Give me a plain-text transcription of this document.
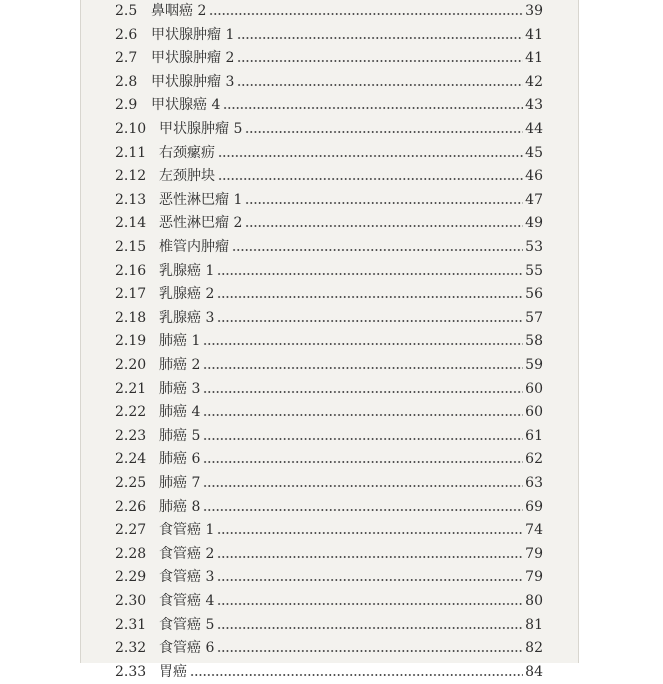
2.5 鼻咽癌 2	39
2.6 甲状腺肿瘤 1	41
2.7 甲状腺肿瘤 2	41
2.8 甲状腺肿瘤 3	42
2.9 甲状腺癌 4	43
2.10 甲状腺肿瘤 5	44
2.11 右颈瘰疬	45
2.12 左颈肿块	46
2.13 恶性淋巴瘤 1	47
2.14 恶性淋巴瘤 2	49
2.15 椎管内肿瘤	53
2.16 乳腺癌 1	55
2.17 乳腺癌 2	56
2.18 乳腺癌 3	57
2.19 肺癌 1	58
2.20 肺癌 2	59
2.21 肺癌 3	60
2.22 肺癌 4	60
2.23 肺癌 5	61
2.24 肺癌 6	62
2.25 肺癌 7	63
2.26 肺癌 8	69
2.27 食管癌 1	74
2.28 食管癌 2	79
2.29 食管癌 3	79
2.30 食管癌 4	80
2.31 食管癌 5	81
2.32 食管癌 6	82
2.33 胃癌	84
